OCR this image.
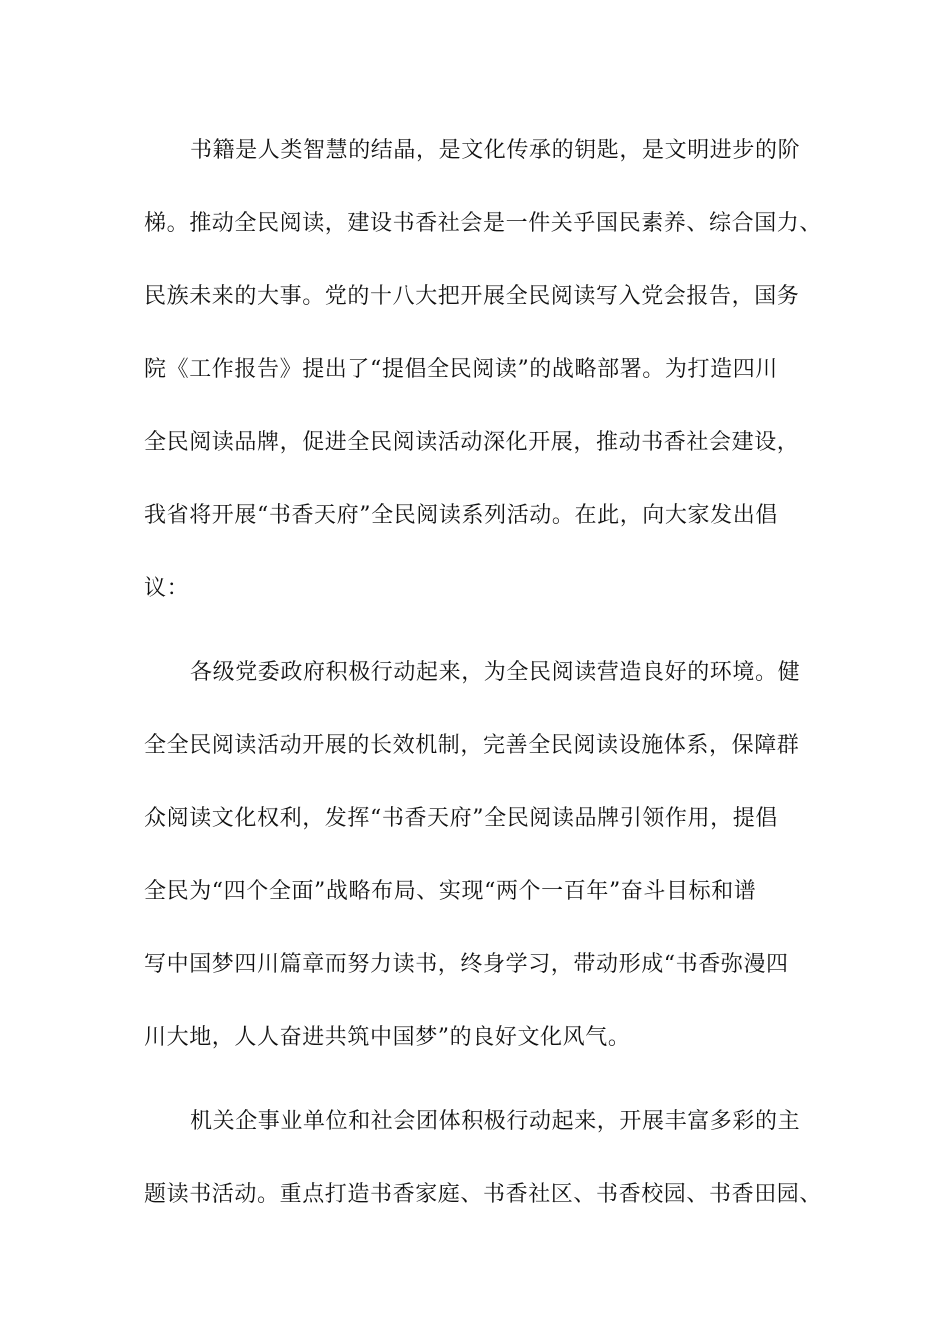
书籍是人类智慧的结晶，是文化传承的钥匙，是文明进步的阶
梯。推动全民阅读，建设书香社会是一件关乎国民素养、综合国力、
民族未来的大事。党的十八大把开展全民阅读写入党会报告，国务
院《工作报告》提出了“提倡全民阅读”的战略部署。为打造四川
全民阅读品牌，促进全民阅读活动深化开展，推动书香社会建设，
我省将开展“书香天府”全民阅读系列活动。在此，向大家发出倡
议：
各级党委政府积极行动起来，为全民阅读营造良好的环境。健
全全民阅读活动开展的长效机制，完善全民阅读设施体系，保障群
众阅读文化权利，发挥“书香天府”全民阅读品牌引领作用，提倡
全民为“四个全面”战略布局、实现“两个一百年”奋斗目标和谱
写中国梦四川篇章而努力读书，终身学习，带动形成“书香弥漫四
川大地，人人奋进共筑中国梦”的良好文化风气。
机关企事业单位和社会团体积极行动起来，开展丰富多彩的主
题读书活动。重点打造书香家庭、书香社区、书香校园、书香田园、
